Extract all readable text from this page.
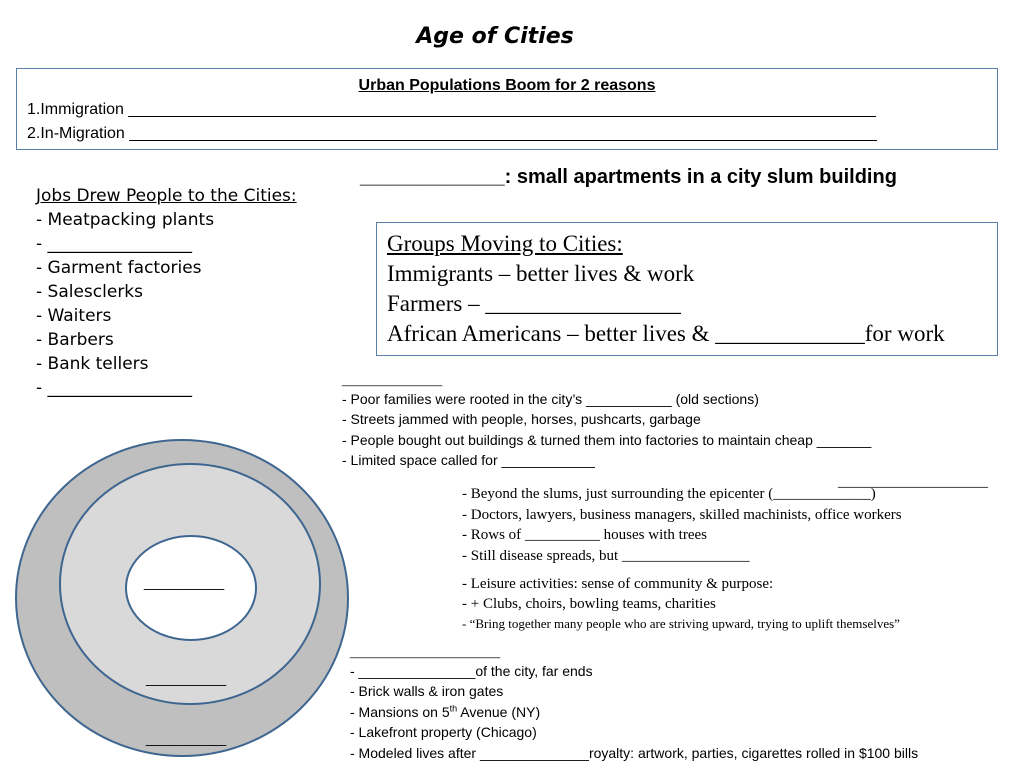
Age of Cities
Urban Populations Boom for 2 reasons
1.Immigration ____________________________________________________________________________________
2.In-Migration ____________________________________________________________________________________
_____________: small apartments in a city slum building
Jobs Drew People to the Cities:
- Meatpacking plants
- _________________
- Garment factories
- Salesclerks
- Waiters
- Barbers
- Bank tellers
- _________________
Groups Moving to Cities:
Immigrants – better lives & work
Farmers – _________________
African Americans – better lives & _____________for work
__________
- Poor families were rooted in the city’s ___________ (old sections)
- Streets jammed with people, horses, pushcarts, garbage
- People bought out buildings & turned them into factories to maintain cheap _______
- Limited space called for ____________
____________________
- Beyond the slums, just surrounding the epicenter (_____________)
- Doctors, lawyers, business managers, skilled machinists, office workers
- Rows of __________ houses with trees
- Still disease spreads, but _________________
- Leisure activities: sense of community & purpose:
- + Clubs, choirs, bowling teams, charities
- “Bring together many people who are striving upward, trying to uplift themselves”
_______________
- _______________of the city, far ends
- Brick walls & iron gates
- Mansions on 5th Avenue (NY)
- Lakefront property (Chicago)
- Modeled lives after ______________royalty: artwork, parties, cigarettes rolled in $100 bills
______
______
______
